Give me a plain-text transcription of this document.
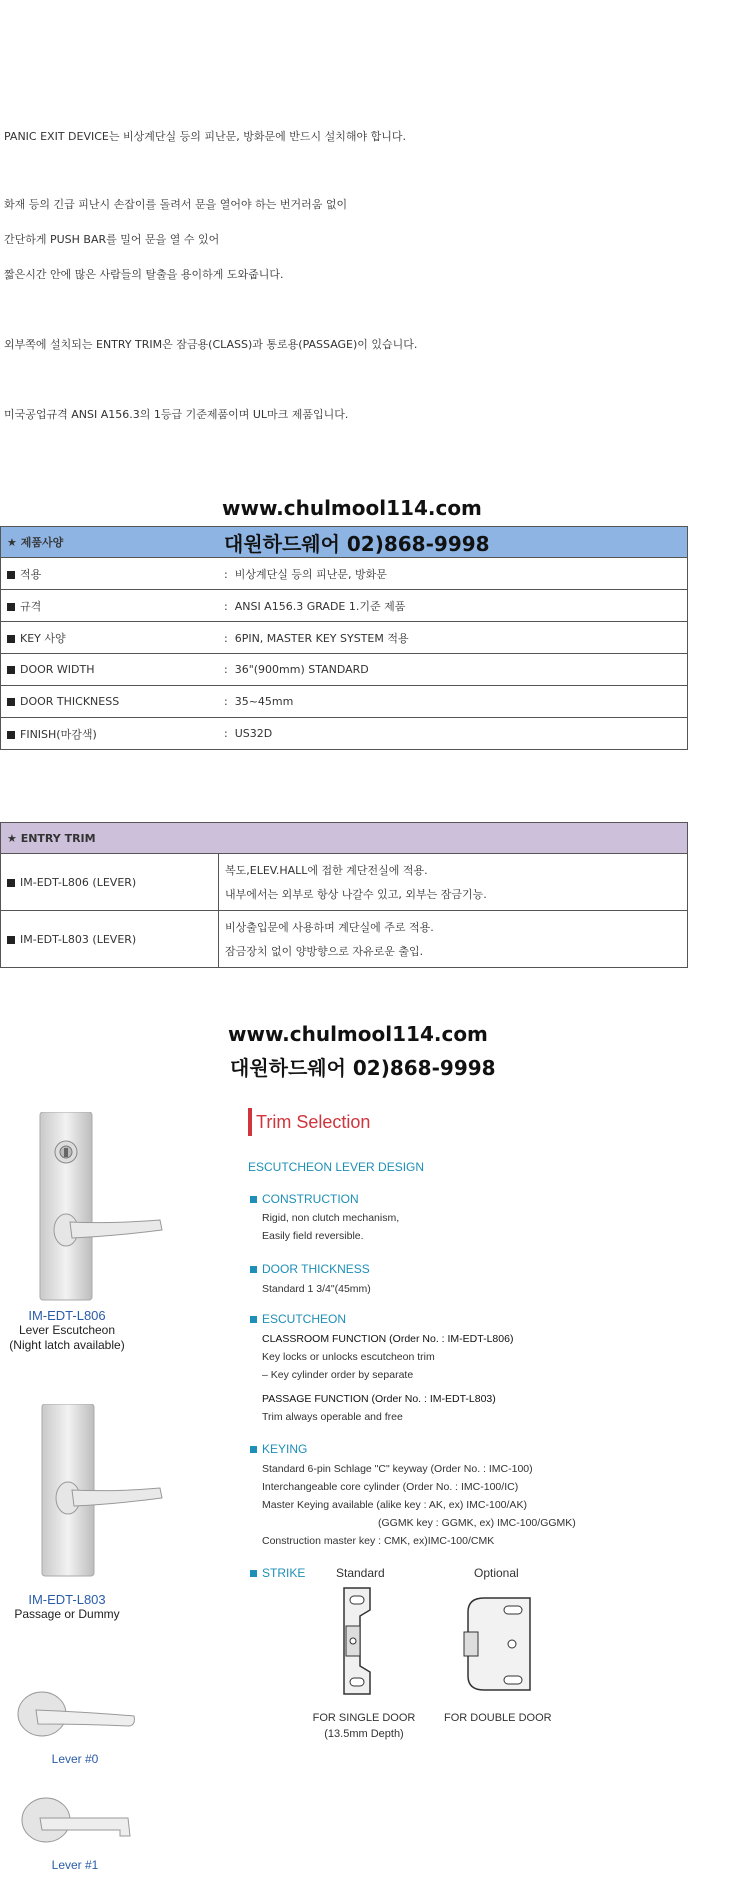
PANIC EXIT DEVICE는 비상계단실 등의 피난문, 방화문에 반드시 설치해야 합니다.

화재 등의 긴급 피난시 손잡이를 돌려서 문을 열어야 하는 번거러움 없이

간단하게 PUSH BAR를 밀어 문을 열 수 있어

짧은시간 안에 많은 사람들의 탈출을 용이하게 도와줍니다.

외부쪽에 설치되는 ENTRY TRIM은 잠금용(CLASS)과 통로용(PASSAGE)이 있습니다.

미국공업규격 ANSI A156.3의 1등급 기준제품이며 UL마크 제품입니다.

www.chulmool114.com
★ 제품사양	
적용	:  비상계단실 등의 피난문, 방화문
규격	:  ANSI A156.3 GRADE 1.기준 제품
KEY 사양	:  6PIN, MASTER KEY SYSTEM 적용
DOOR WIDTH	:  36"(900mm) STANDARD
DOOR THICKNESS	:  35~45mm
FINISH(마감색)	:  US32D
대원하드웨어 02)868-9998
★ ENTRY TRIM	
IM-EDT-L806 (LEVER)	복도,ELEV.HALL에 접한 계단전실에 적용.

내부에서는 외부로 항상 나갈수 있고, 외부는 잠금기능.

IM-EDT-L803 (LEVER)	비상출입문에 사용하며 계단실에 주로 적용.

잠금장치 없이 양방향으로 자유로운 출입.

www.chulmool114.com
대원하드웨어 02)868-9998
IM-EDT-L806
Lever Escutcheon
(Night latch available)
IM-EDT-L803
Passage or Dummy
Lever #0
Lever #1
Trim Selection
ESCUTCHEON LEVER DESIGN
CONSTRUCTION
Rigid, non clutch mechanism,
Easily field reversible.
DOOR THICKNESS
Standard 1 3/4"(45mm)
ESCUTCHEON
CLASSROOM FUNCTION (Order No. : IM-EDT-L806)
Key locks or unlocks escutcheon trim
– Key cylinder order by separate
PASSAGE FUNCTION (Order No. : IM-EDT-L803)
Trim always operable and free
KEYING
Standard 6-pin Schlage "C" keyway (Order No. : IMC-100)
Interchangeable core cylinder (Order No. : IMC-100/IC)
Master Keying available (alike key : AK, ex) IMC-100/AK)
(GGMK key : GGMK, ex) IMC-100/GGMK)
Construction master key : CMK, ex)IMC-100/CMK
STRIKE	Standard	Optional
FOR SINGLE DOOR
(13.5mm Depth)
FOR DOUBLE DOOR
